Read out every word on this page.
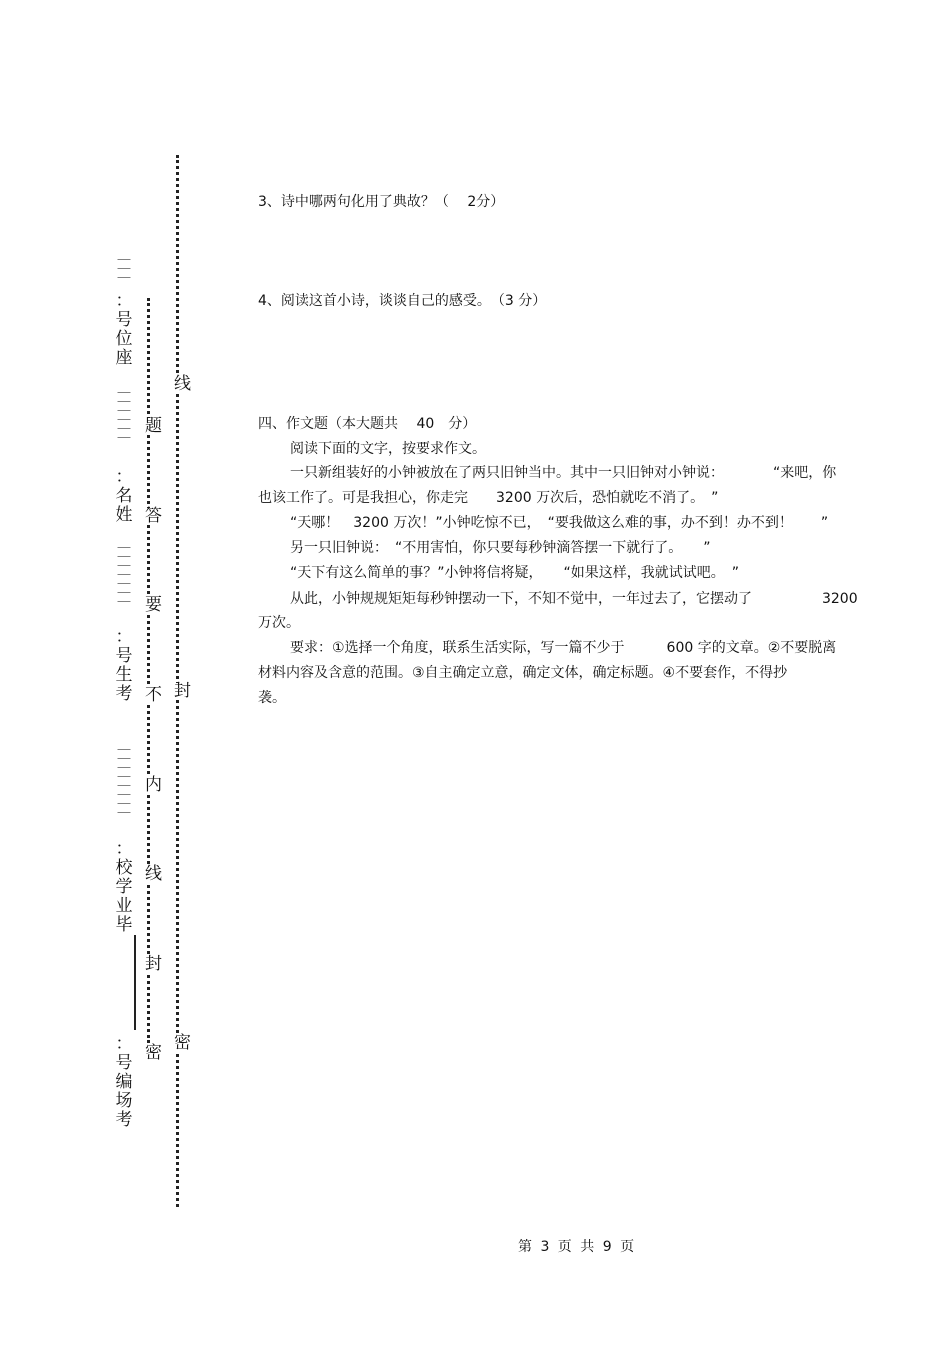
线
封
密
题
答
要
不
内
线
封
密
＿＿＿
：号位座
＿＿＿＿＿＿
：名姓
＿＿＿＿＿＿＿
：号生考
＿＿＿＿＿＿＿＿
：校学业毕
：号编场考
3、诗中哪两句化用了典故？（　 2分）
4、阅读这首小诗，谈谈自己的感受。　（3 分）
四、作文题（本大题共　 40　分）
阅读下面的文字，按要求作文。
一只新组装好的小钟被放在了两只旧钟当中。其中一只旧钟对小钟说：　　　　“来吧，你
也该工作了。可是我担心，你走完　　3200 万次后，恐怕就吃不消了。　”
“天哪！　3200 万次！”小钟吃惊不已，　“要我做这么难的事，办不到！办不到！　　”
另一只旧钟说：　“不用害怕，你只要每秒钟滴答摆一下就行了。　　”
“天下有这么简单的事？”小钟将信将疑，　　“如果这样，我就试试吧。　”
从此，小钟规规矩矩每秒钟摆动一下，不知不觉中，一年过去了，它摆动了　　　　　3200
万次。
要求：①选择一个角度，联系生活实际，写一篇不少于　　　600 字的文章。②不要脱离
材料内容及含意的范围。③自主确定立意，确定文体，确定标题。④不要套作，不得抄
袭。
第 3 页 共 9 页
